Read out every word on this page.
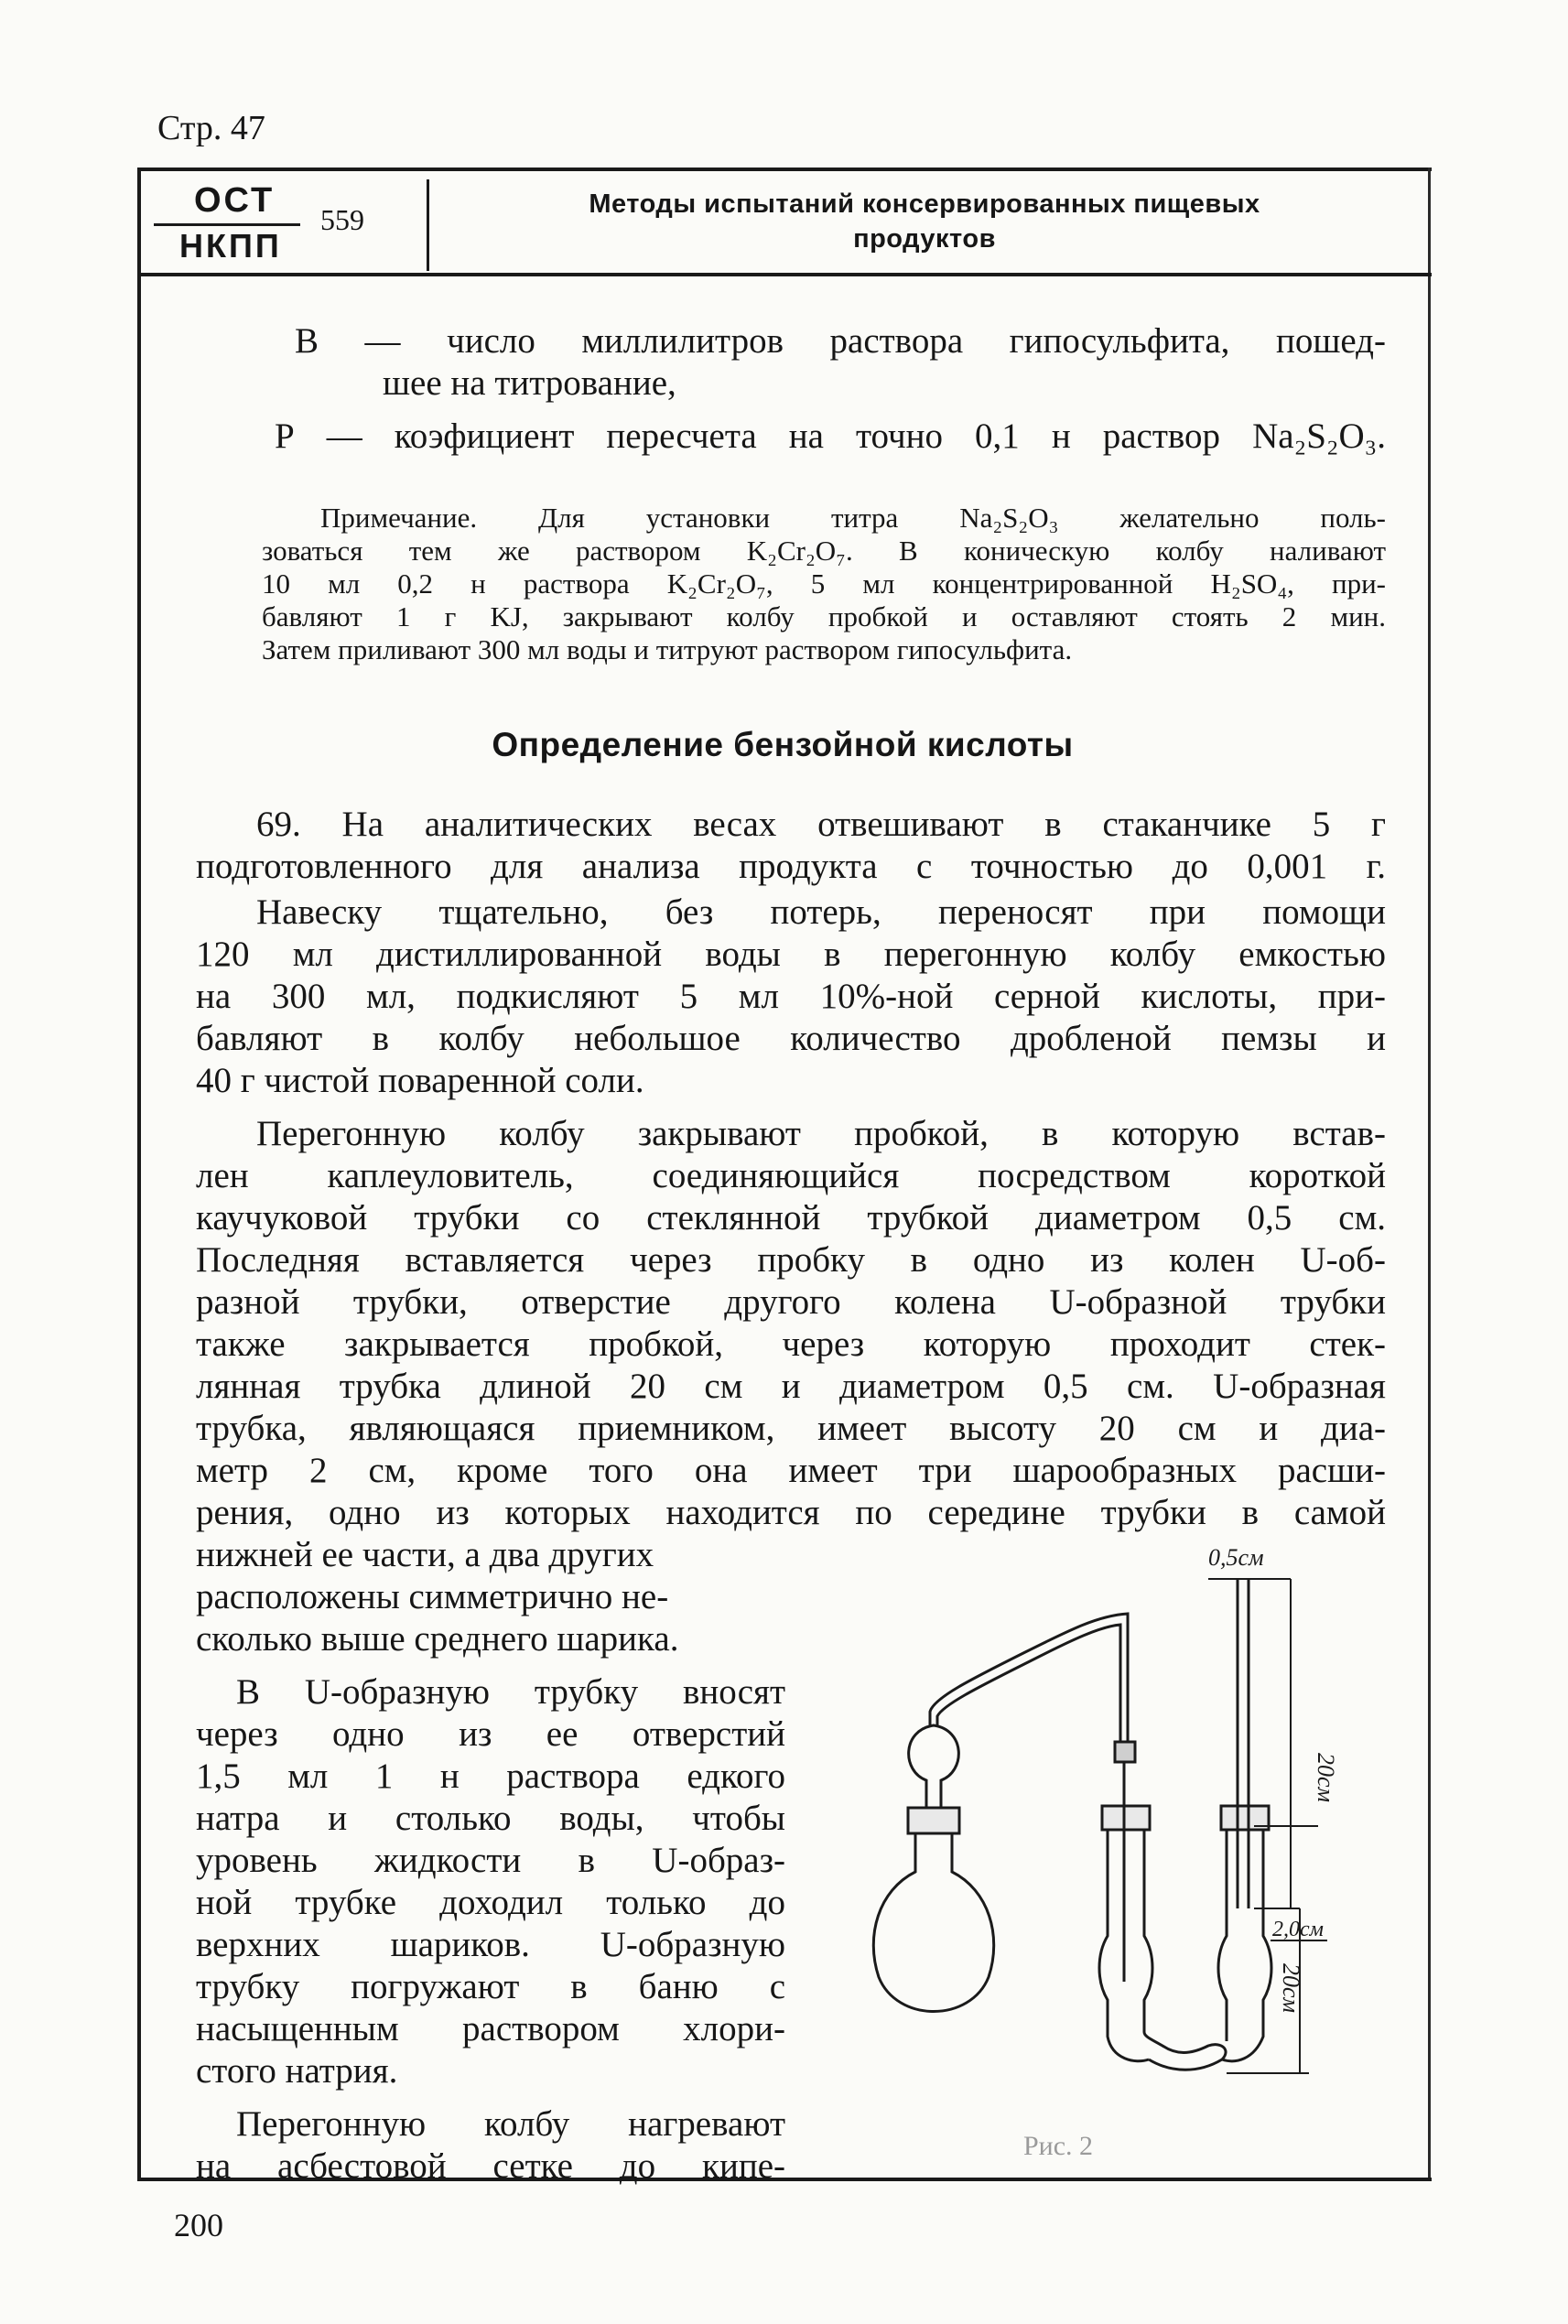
Стр. 47
ОСТ
НКПП
559	Методы испытаний консервированных пищевых
продуктов
В — число миллилитров раствора гипосульфита, пошед-
шее на титрование,
Р — коэфициент пересчета на точно 0,1 н раствор Na₂S₂O₃.
Примечание. Для установки титра Na₂S₂O₃ желательно поль-
зоваться тем же раствором K₂Cr₂O₇. В коническую колбу наливают
10 мл 0,2 н раствора K₂Cr₂O₇, 5 мл концентрированной H₂SO₄, при-
бавляют 1 г KJ, закрывают колбу пробкой и оставляют стоять 2 мин.
Затем приливают 300 мл воды и титруют раствором гипосульфита.
Определение бензойной кислоты
69. На аналитических весах отвешивают в стаканчике 5 г
подготовленного для анализа продукта с точностью до 0,001 г.
Навеску тщательно, без потерь, переносят при помощи
120 мл дистиллированной воды в перегонную колбу емкостью
на 300 мл, подкисляют 5 мл 10%-ной серной кислоты, при-
бавляют в колбу небольшое количество дробленой пемзы и
40 г чистой поваренной соли.
Перегонную колбу закрывают пробкой, в которую встав-
лен каплеуловитель, соединяющийся посредством короткой
каучуковой трубки со стеклянной трубкой диаметром 0,5 см.
Последняя вставляется через пробку в одно из колен U-об-
разной трубки, отверстие другого колена U-образной трубки
также закрывается пробкой, через которую проходит стек-
лянная трубка длиной 20 см и диаметром 0,5 см. U-образная
трубка, являющаяся приемником, имеет высоту 20 см и диа-
метр 2 см, кроме того она имеет три шарообразных расши-
рения, одно из которых находится по середине трубки в самой
нижней ее части, а два других
расположены симметрично не-
сколько выше среднего шарика.
В U-образную трубку вносят
через одно из ее отверстий
1,5 мл 1 н раствора едкого
натра и столько воды, чтобы
уровень жидкости в U-образ-
ной трубке доходил только до
верхних шариков. U-образную
трубку погружают в баню с
насыщенным раствором хлори-
стого натрия.
Перегонную колбу нагревают
на асбестовой сетке до кипе-
0,5см
20см
2,0см
20см
Рис. 2
200
